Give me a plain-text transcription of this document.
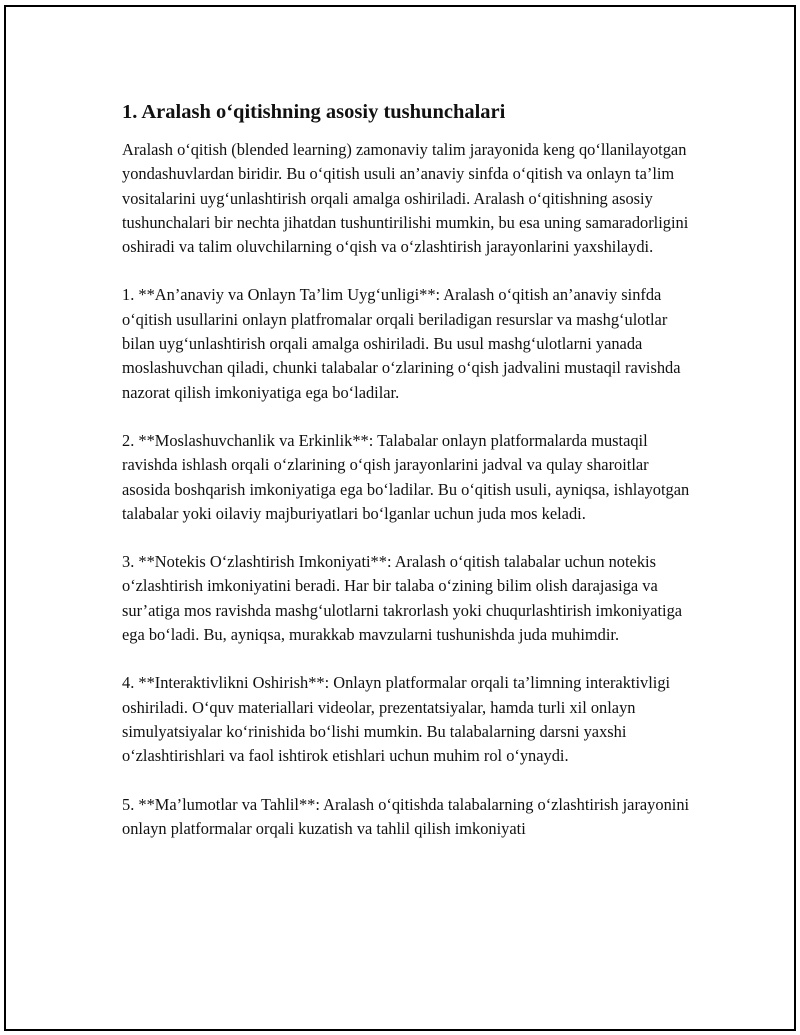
1. Aralash o‘qitishning asosiy tushunchalari

Aralash o‘qitish (blended learning) zamonaviy talim jarayonida keng qo‘llanilayotgan yondashuvlardan biridir. Bu o‘qitish usuli an’anaviy sinfda o‘qitish va onlayn ta’lim vositalarini uyg‘unlashtirish orqali amalga oshiriladi. Aralash o‘qitishning asosiy tushunchalari bir nechta jihatdan tushuntirilishi mumkin, bu esa uning samaradorligini oshiradi va talim oluvchilarning o‘qish va o‘zlashtirish jarayonlarini yaxshilaydi.

1. **An’anaviy va Onlayn Ta’lim Uyg‘unligi**: Aralash o‘qitish an’anaviy sinfda o‘qitish usullarini onlayn platfromalar orqali beriladigan resurslar va mashg‘ulotlar bilan uyg‘unlashtirish orqali amalga oshiriladi. Bu usul mashg‘ulotlarni yanada moslashuvchan qiladi, chunki talabalar o‘zlarining o‘qish jadvalini mustaqil ravishda nazorat qilish imkoniyatiga ega bo‘ladilar.

2. **Moslashuvchanlik va Erkinlik**: Talabalar onlayn platformalarda mustaqil ravishda ishlash orqali o‘zlarining o‘qish jarayonlarini jadval va qulay sharoitlar asosida boshqarish imkoniyatiga ega bo‘ladilar. Bu o‘qitish usuli, ayniqsa, ishlayotgan talabalar yoki oilaviy majburiyatlari bo‘lganlar uchun juda mos keladi.

3. **Notekis O‘zlashtirish Imkoniyati**: Aralash o‘qitish talabalar uchun notekis o‘zlashtirish imkoniyatini beradi. Har bir talaba o‘zining bilim olish darajasiga va sur’atiga mos ravishda mashg‘ulotlarni takrorlash yoki chuqurlashtirish imkoniyatiga ega bo‘ladi. Bu, ayniqsa, murakkab mavzularni tushunishda juda muhimdir.

4. **Interaktivlikni Oshirish**: Onlayn platformalar orqali ta’limning interaktivligi oshiriladi. O‘quv materiallari videolar, prezentatsiyalar, hamda turli xil onlayn simulyatsiyalar ko‘rinishida bo‘lishi mumkin. Bu talabalarning darsni yaxshi o‘zlashtirishlari va faol ishtirok etishlari uchun muhim rol o‘ynaydi.

5. **Ma’lumotlar va Tahlil**: Aralash o‘qitishda talabalarning o‘zlashtirish jarayonini onlayn platformalar orqali kuzatish va tahlil qilish imkoniyati
